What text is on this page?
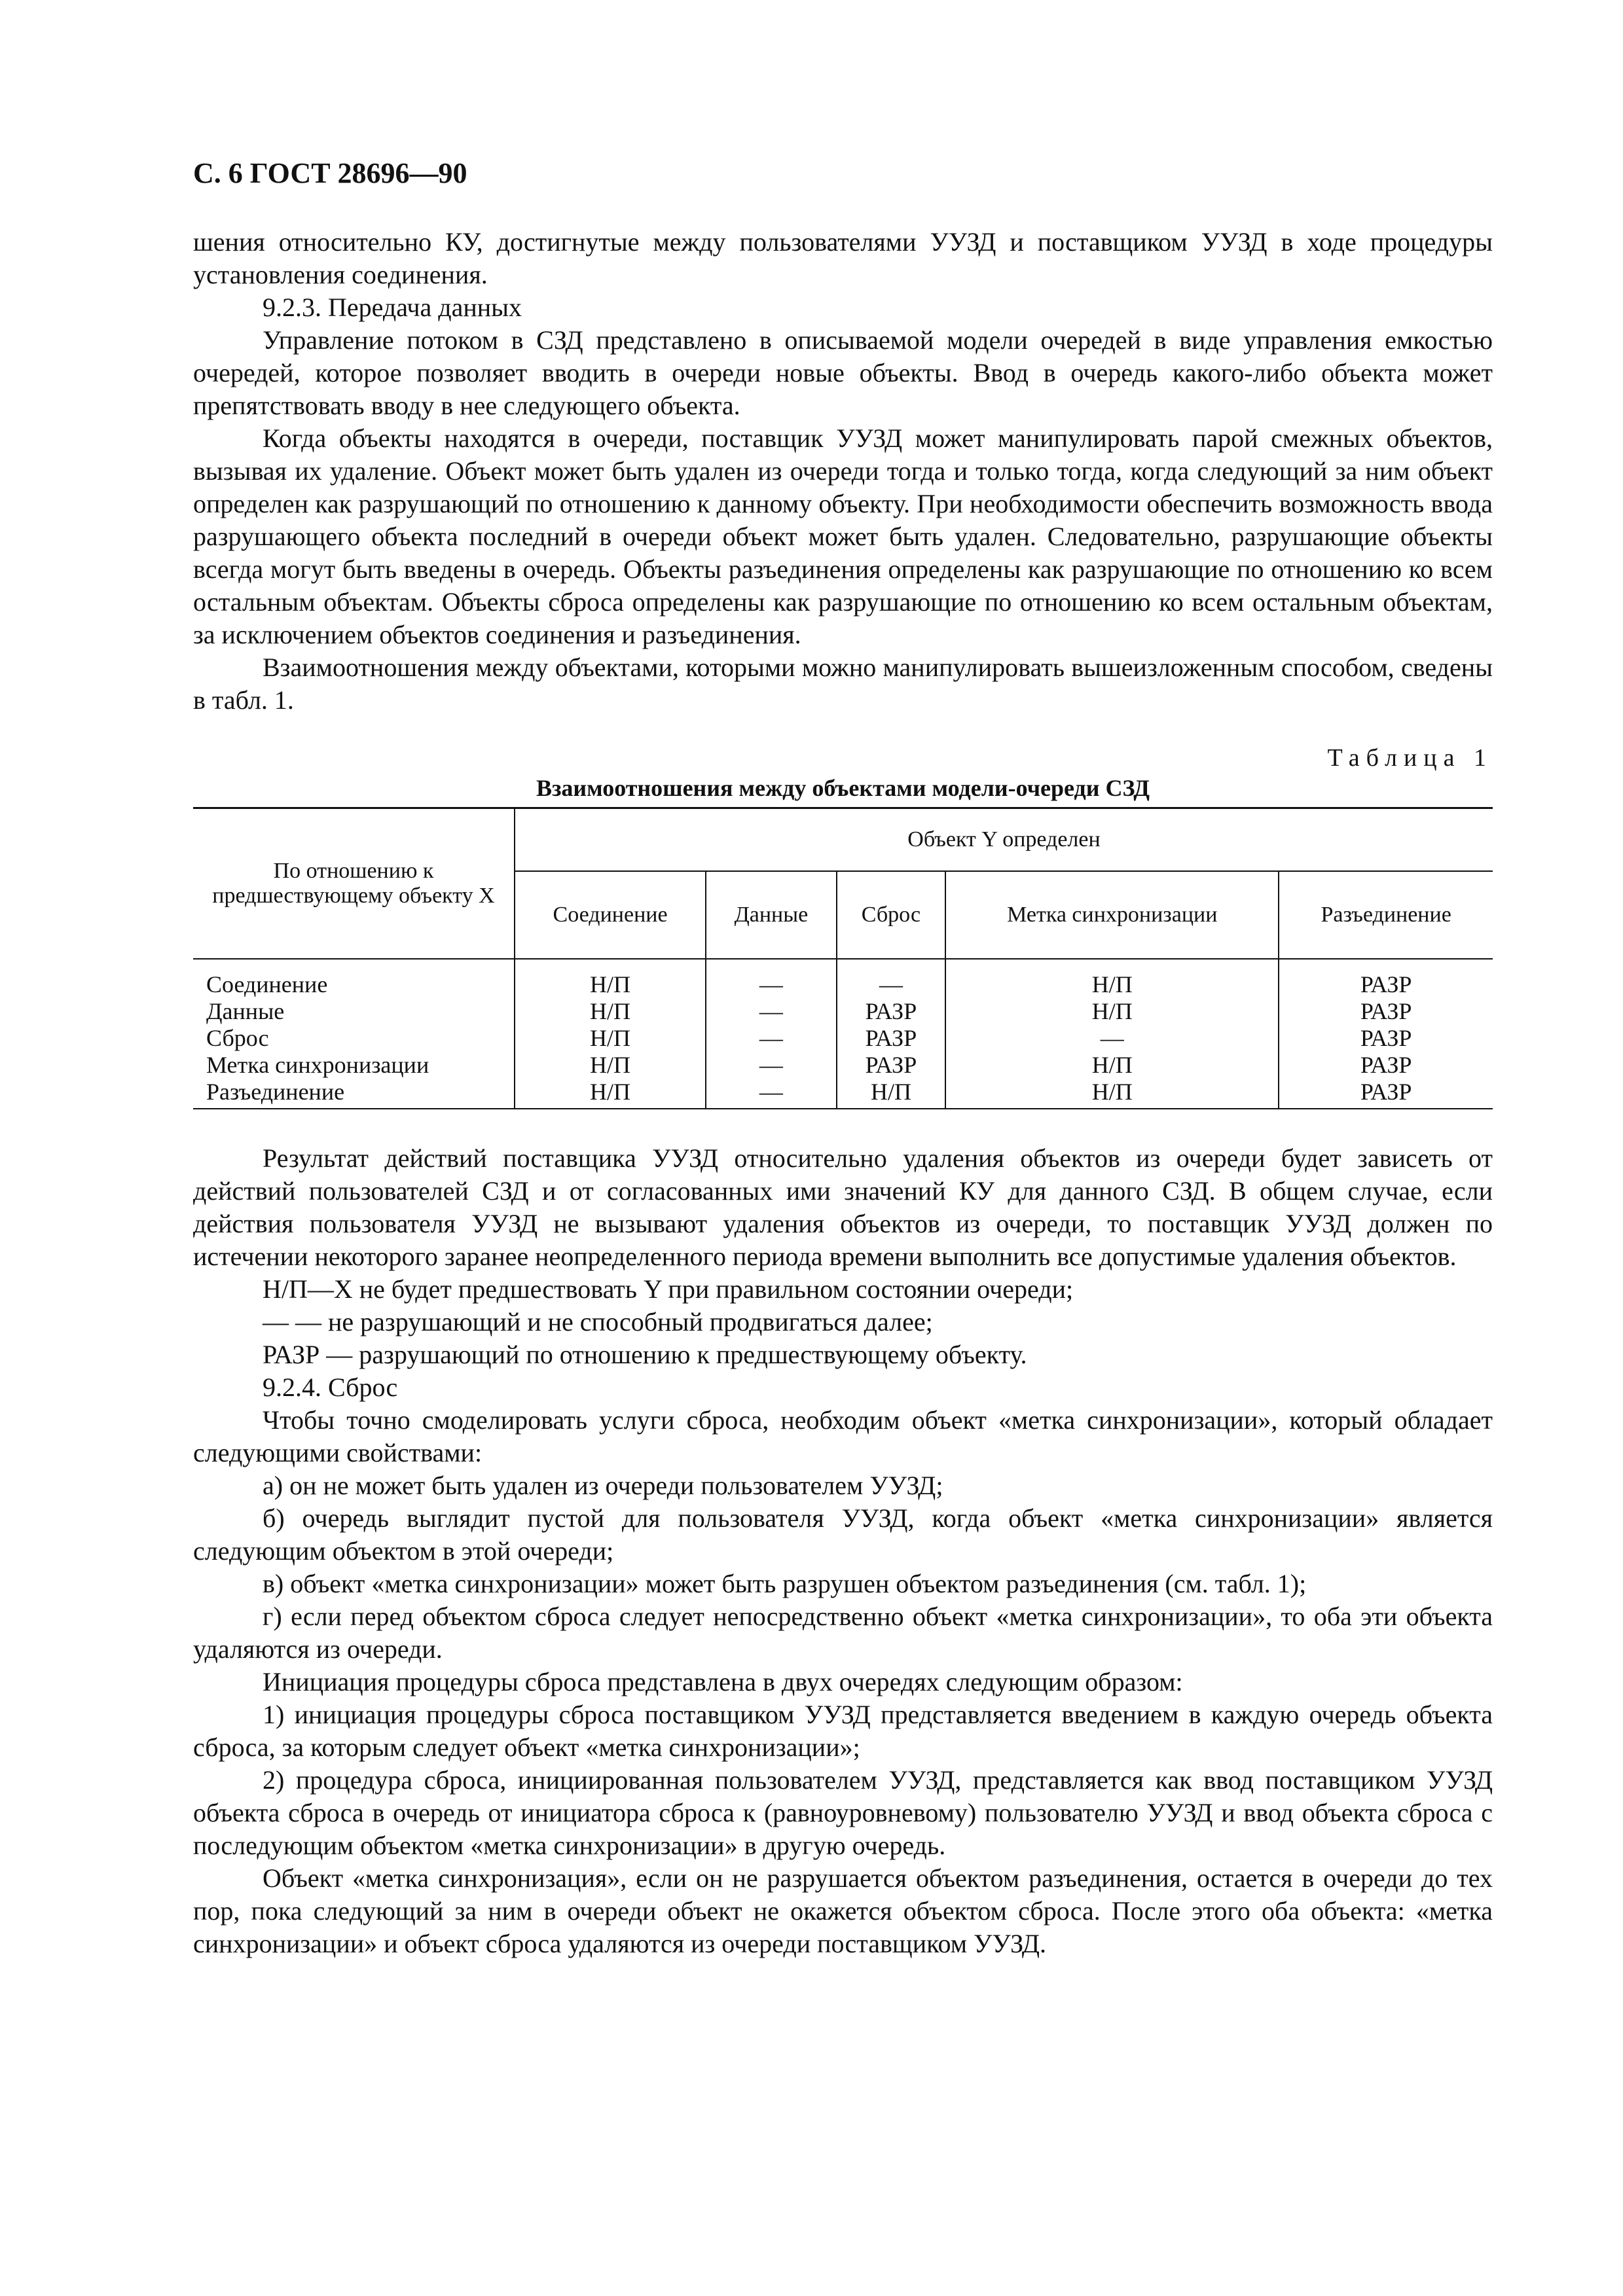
С. 6 ГОСТ 28696—90

шения относительно КУ, достигнутые между пользователями УУЗД и поставщиком УУЗД в ходе процедуры установления соединения.

9.2.3. Передача данных

Управление потоком в СЗД представлено в описываемой модели очередей в виде управления емкостью очередей, которое позволяет вводить в очереди новые объекты. Ввод в очередь какого-либо объекта может препятствовать вводу в нее следующего объекта.

Когда объекты находятся в очереди, поставщик УУЗД может манипулировать парой смежных объектов, вызывая их удаление. Объект может быть удален из очереди тогда и только тогда, когда следующий за ним объект определен как разрушающий по отношению к данному объекту. При необходимости обеспечить возможность ввода разрушающего объекта последний в очереди объект может быть удален. Следовательно, разрушающие объекты всегда могут быть введены в очередь. Объекты разъединения определены как разрушающие по отношению ко всем остальным объектам. Объекты сброса определены как разрушающие по отношению ко всем остальным объектам, за исключением объектов соединения и разъединения.

Взаимоотношения между объектами, которыми можно манипулировать вышеизложенным способом, сведены в табл. 1.

Таблица 1
Взаимоотношения между объектами модели-очереди СЗД
По отношению к предшествующему объекту X	Объект Y определен				
	Соединение	Данные	Сброс	Метка синхронизации	Разъединение
Соединение	Н/П	—	—	Н/П	РАЗР
Данные	Н/П	—	РАЗР	Н/П	РАЗР
Сброс	Н/П	—	РАЗР	—	РАЗР
Метка синхронизации	Н/П	—	РАЗР	Н/П	РАЗР
Разъединение	Н/П	—	Н/П	Н/П	РАЗР

Результат действий поставщика УУЗД относительно удаления объектов из очереди будет зависеть от действий пользователей СЗД и от согласованных ими значений КУ для данного СЗД. В общем случае, если действия пользователя УУЗД не вызывают удаления объектов из очереди, то поставщик УУЗД должен по истечении некоторого заранее неопределенного периода времени выполнить все допустимые удаления объектов.

Н/П—Х не будет предшествовать Y при правильном состоянии очереди;

— — не разрушающий и не способный продвигаться далее;

РАЗР — разрушающий по отношению к предшествующему объекту.

9.2.4. Сброс

Чтобы точно смоделировать услуги сброса, необходим объект «метка синхронизации», который обладает следующими свойствами:

а) он не может быть удален из очереди пользователем УУЗД;

б) очередь выглядит пустой для пользователя УУЗД, когда объект «метка синхронизации» является следующим объектом в этой очереди;

в) объект «метка синхронизации» может быть разрушен объектом разъединения (см. табл. 1);

г) если перед объектом сброса следует непосредственно объект «метка синхронизации», то оба эти объекта удаляются из очереди.

Инициация процедуры сброса представлена в двух очередях следующим образом:

1) инициация процедуры сброса поставщиком УУЗД представляется введением в каждую очередь объекта сброса, за которым следует объект «метка синхронизации»;

2) процедура сброса, инициированная пользователем УУЗД, представляется как ввод поставщиком УУЗД объекта сброса в очередь от инициатора сброса к (равноуровневому) пользователю УУЗД и ввод объекта сброса с последующим объектом «метка синхронизации» в другую очередь.

Объект «метка синхронизация», если он не разрушается объектом разъединения, остается в очереди до тех пор, пока следующий за ним в очереди объект не окажется объектом сброса. После этого оба объекта: «метка синхронизации» и объект сброса удаляются из очереди поставщиком УУЗД.
